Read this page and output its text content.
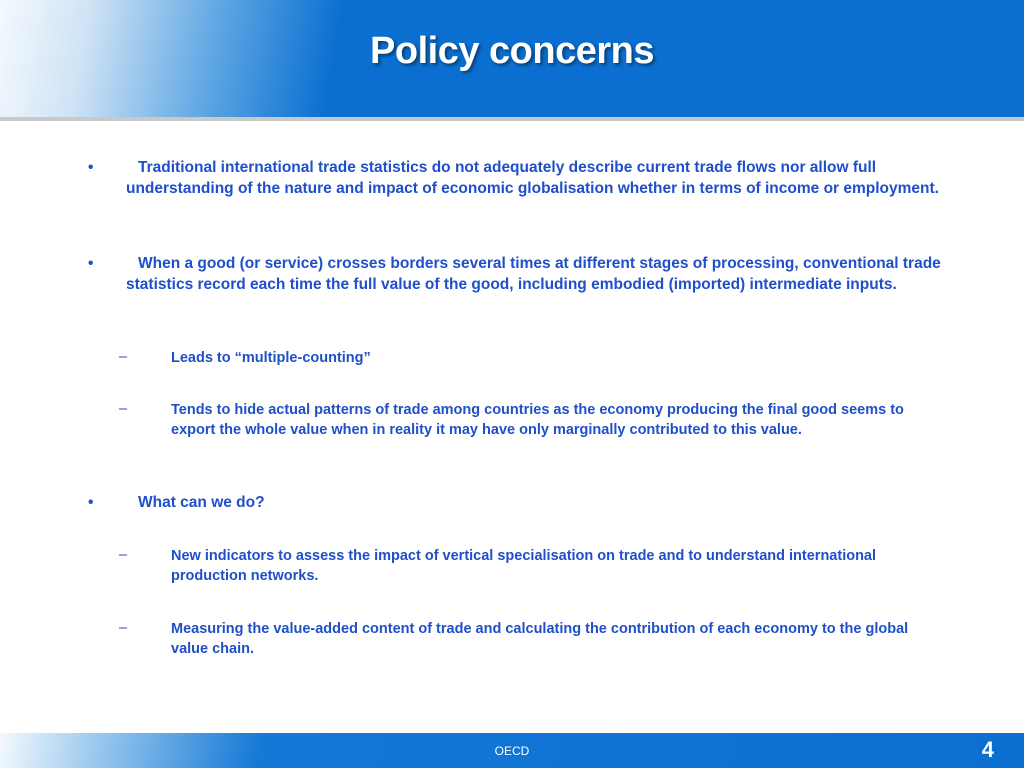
Policy concerns
•	Traditional international trade statistics do not adequately describe current trade flows nor allow full understanding of the nature and impact of economic globalisation whether in terms of income or employment.
•	When a good (or service) crosses borders several times at different stages of processing, conventional trade statistics record each time the full value of the good, including embodied (imported) intermediate inputs.
–	Leads to “multiple-counting”
–	Tends to hide actual patterns of trade among countries as the economy producing the final good seems to export the whole value when in reality it may have only marginally contributed to this value.
•	What can we do?
–	New indicators to assess the impact of vertical specialisation on trade and to understand international production networks.
–	Measuring the value-added content of trade and calculating the contribution of each economy to the global value chain.
OECD	4
